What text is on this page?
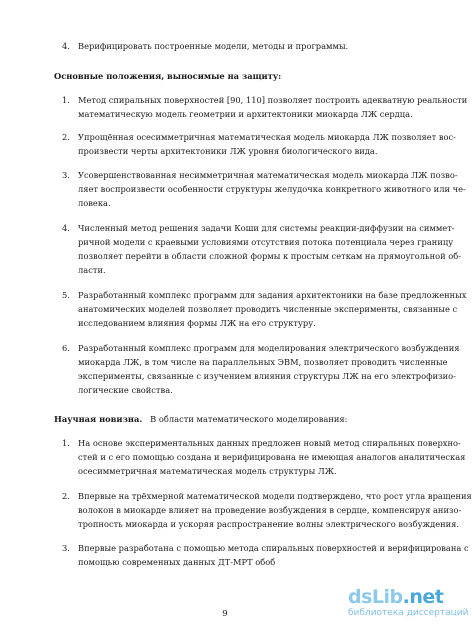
4. Верифицировать построенные модели, методы и программы.
Основные положения, выносимые на защиту:
1. Метод спиральных поверхностей [90, 110] позволяет построить адекватную реальности
математическую модель геометрии и архитектоники миокарда ЛЖ сердца.
2. Упрощённая осесимметричная математическая модель миокарда ЛЖ позволяет вос-
произвести черты архитектоники ЛЖ уровня биологического вида.
3. Усовершенствованная несимметричная математическая модель миокарда ЛЖ позво-
ляет воспроизвести особенности структуры желудочка конкретного животного или че-
ловека.
4. Численный метод решения задачи Коши для системы реакции-диффузии на симмет-
ричной модели с краевыми условиями отсутствия потока потенциала через границу
позволяет перейти в области сложной формы к простым сеткам на прямоугольной об-
ласти.
5. Разработанный комплекс программ для задания архитектоники на базе предложенных
анатомических моделей позволяет проводить численные эксперименты, связанные с
исследованием влияния формы ЛЖ на его структуру.
6. Разработанный комплекс программ для моделирования электрического возбуждения
миокарда ЛЖ, в том числе на параллельных ЭВМ, позволяет проводить численные
эксперименты, связанные с изучением влияния структуры ЛЖ на его электрофизио-
логические свойства.
Научная новизна. В области математического моделирования:
1. На основе экспериментальных данных предложен новый метод спиральных поверхно-
стей и с его помощью создана и верифицирована не имеющая аналогов аналитическая
осесимметричная математическая модель структуры ЛЖ.
2. Впервые на трёхмерной математической модели подтверждено, что рост угла вращения
волокон в миокарде влияет на проведение возбуждения в сердце, компенсируя анизо-
тропность миокарда и ускоряя распространение волны электрического возбуждения.
3. Впервые разработана с помощью метода спиральных поверхностей и верифицирована с
помощью современных данных ДТ-МРТ обоб
9
dsLib.net
библиотека диссертаций
